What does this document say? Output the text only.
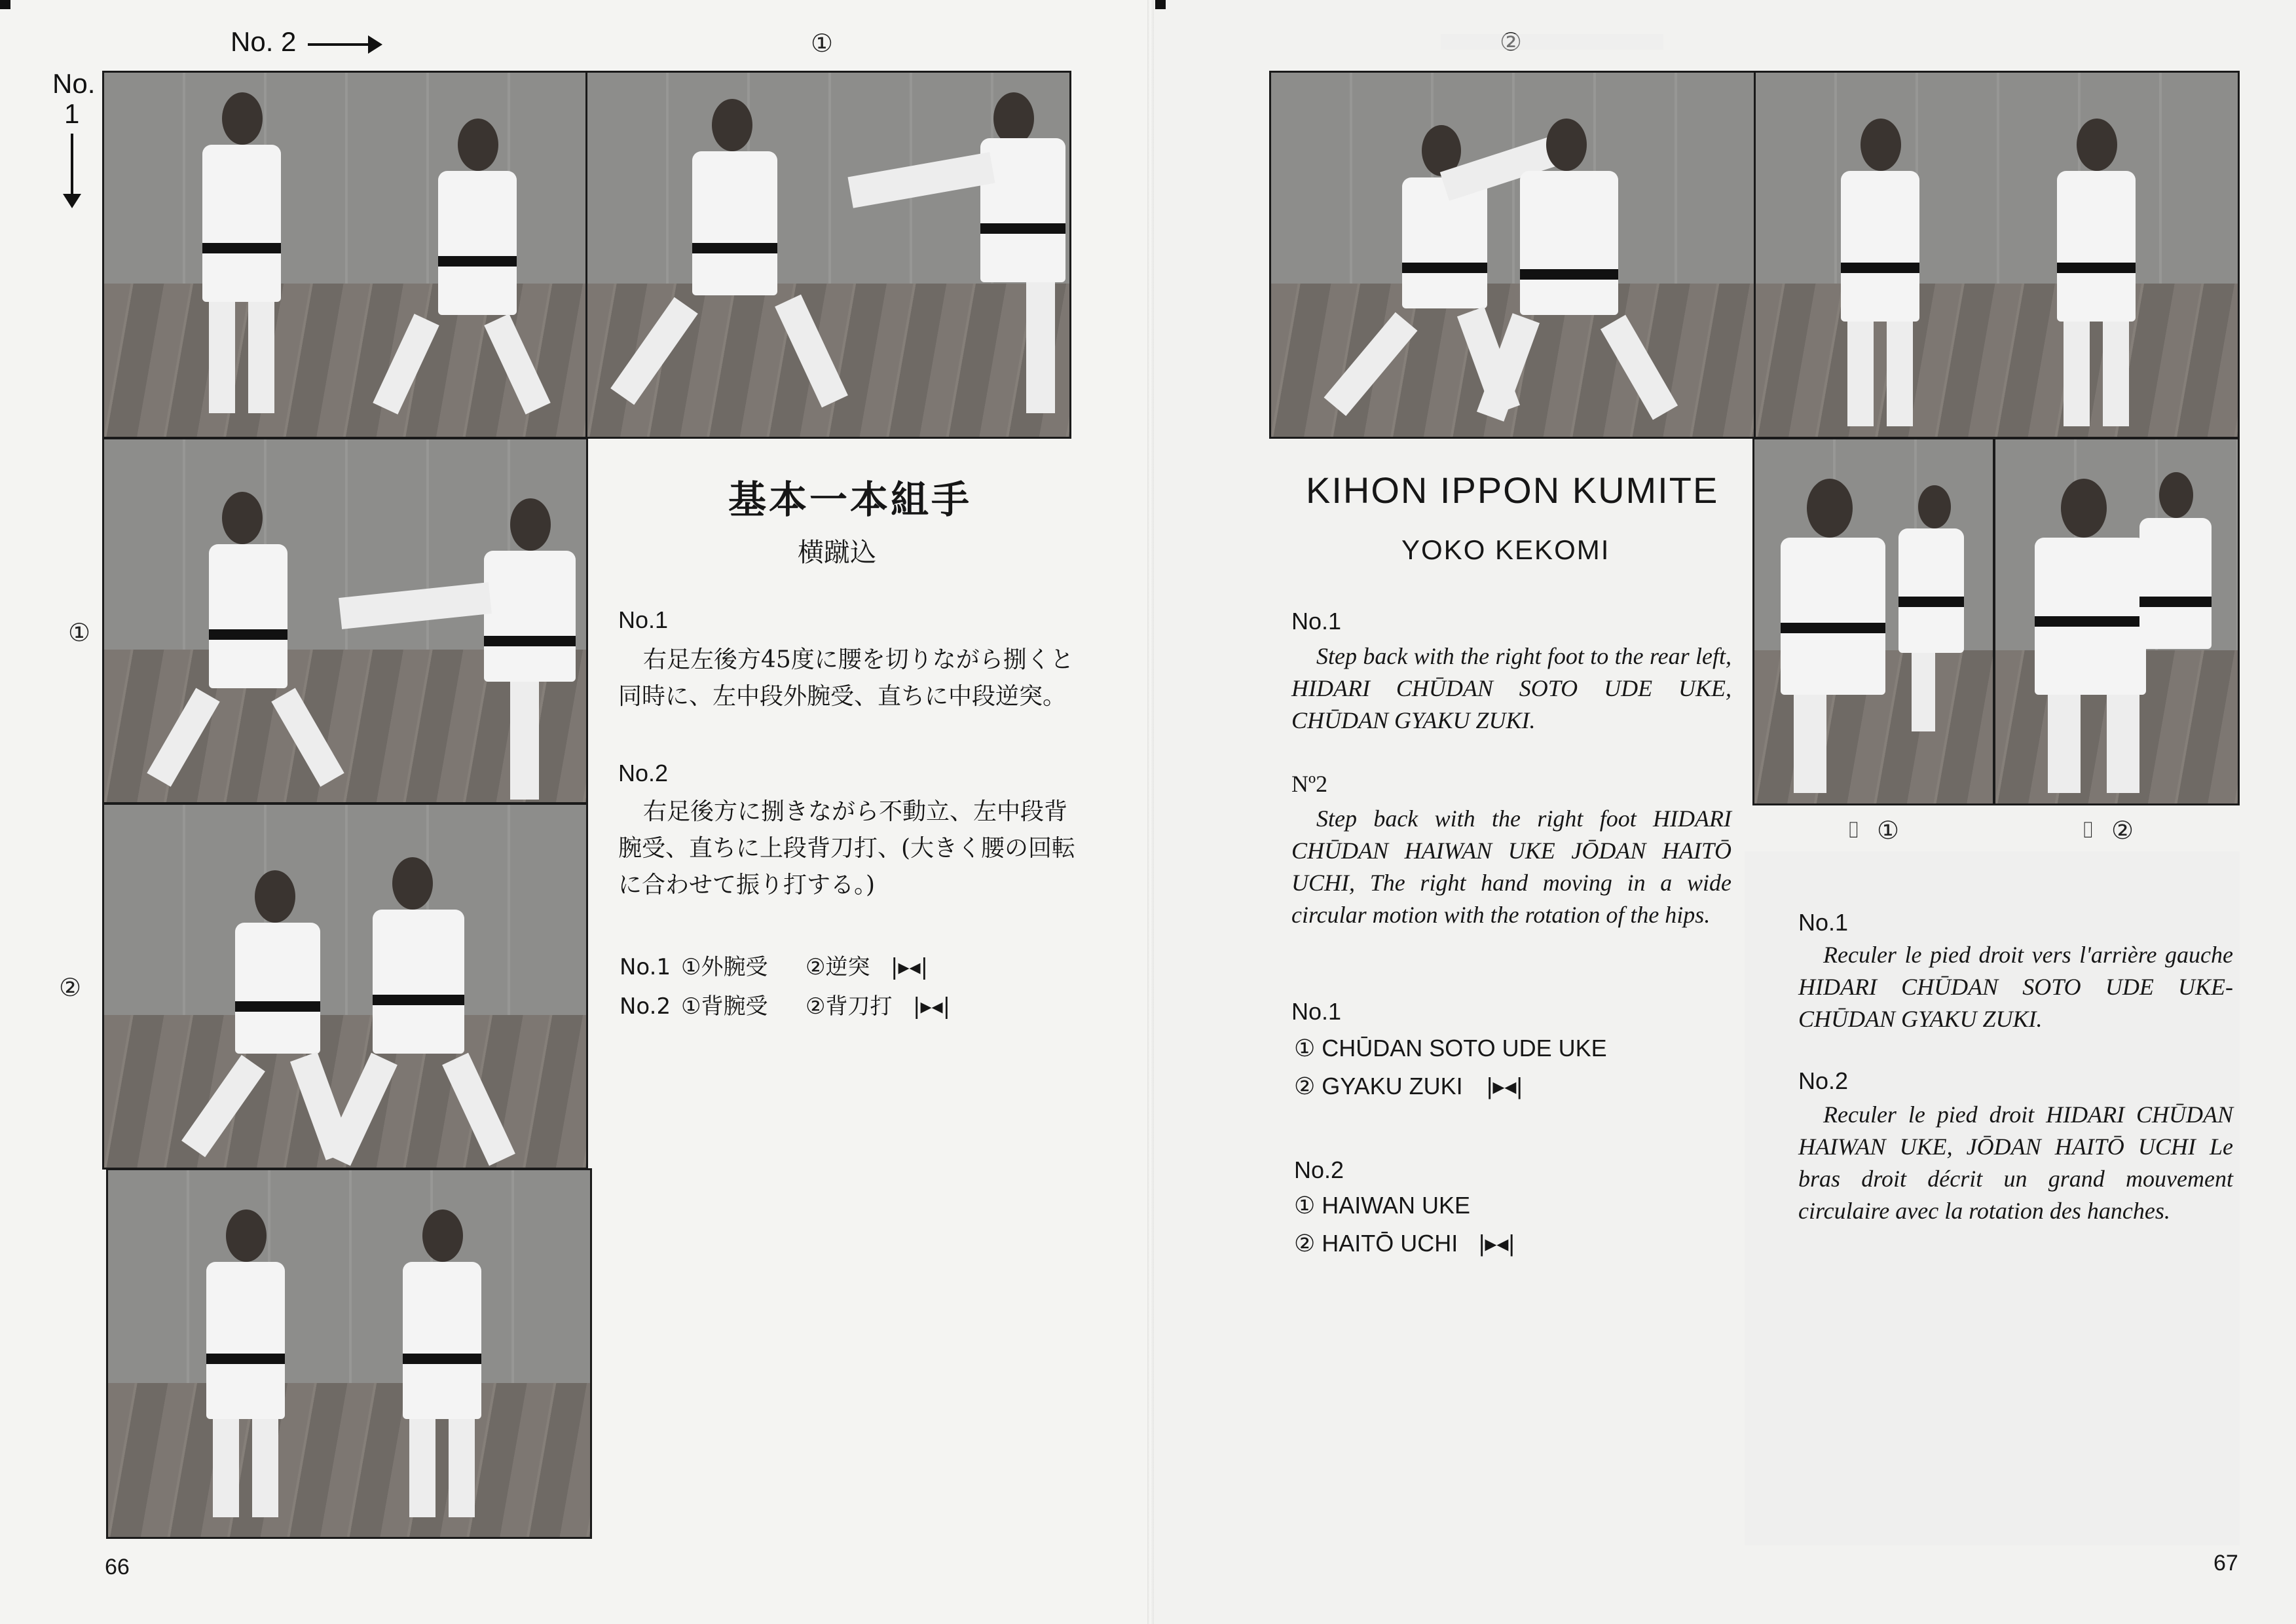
No. 2	①
No.
1
①
②
基本一本組手
横蹴込
No.1
右足左後方45度に腰を切りながら捌くと同時に、左中段外腕受、直ちに中段逆突。
No.2
右足後方に捌きながら不動立、左中段背腕受、直ちに上段背刀打、(大きく腰の回転に合わせて振り打する。)
No.1 ①外腕受 ②逆突 |▸◂|
No.2 ①背腕受 ②背刀打 |▸◂|
66
②
⌷ ①	⌷ ②
KIHON IPPON KUMITE
YOKO KEKOMI
No.1
Step back with the right foot to the rear left, HIDARI CHŪDAN SOTO UDE UKE, CHŪDAN GYAKU ZUKI.
Nº2
Step back with the right foot HIDARI CHŪDAN HAIWAN UKE JŌDAN HAITŌ UCHI, The right hand moving in a wide circular motion with the rotation of the hips.
No.1
① CHŪDAN SOTO UDE UKE
② GYAKU ZUKI |▸◂|
No.2
① HAIWAN UKE
② HAITŌ UCHI |▸◂|
No.1
Reculer le pied droit vers l'arrière gauche HIDARI CHŪDAN SOTO UDE UKE-CHŪDAN GYAKU ZUKI.
No.2
Reculer le pied droit HIDARI CHŪDAN HAIWAN UKE, JŌDAN HAITŌ UCHI Le bras droit décrit un grand mouvement circulaire avec la rotation des hanches.
67
